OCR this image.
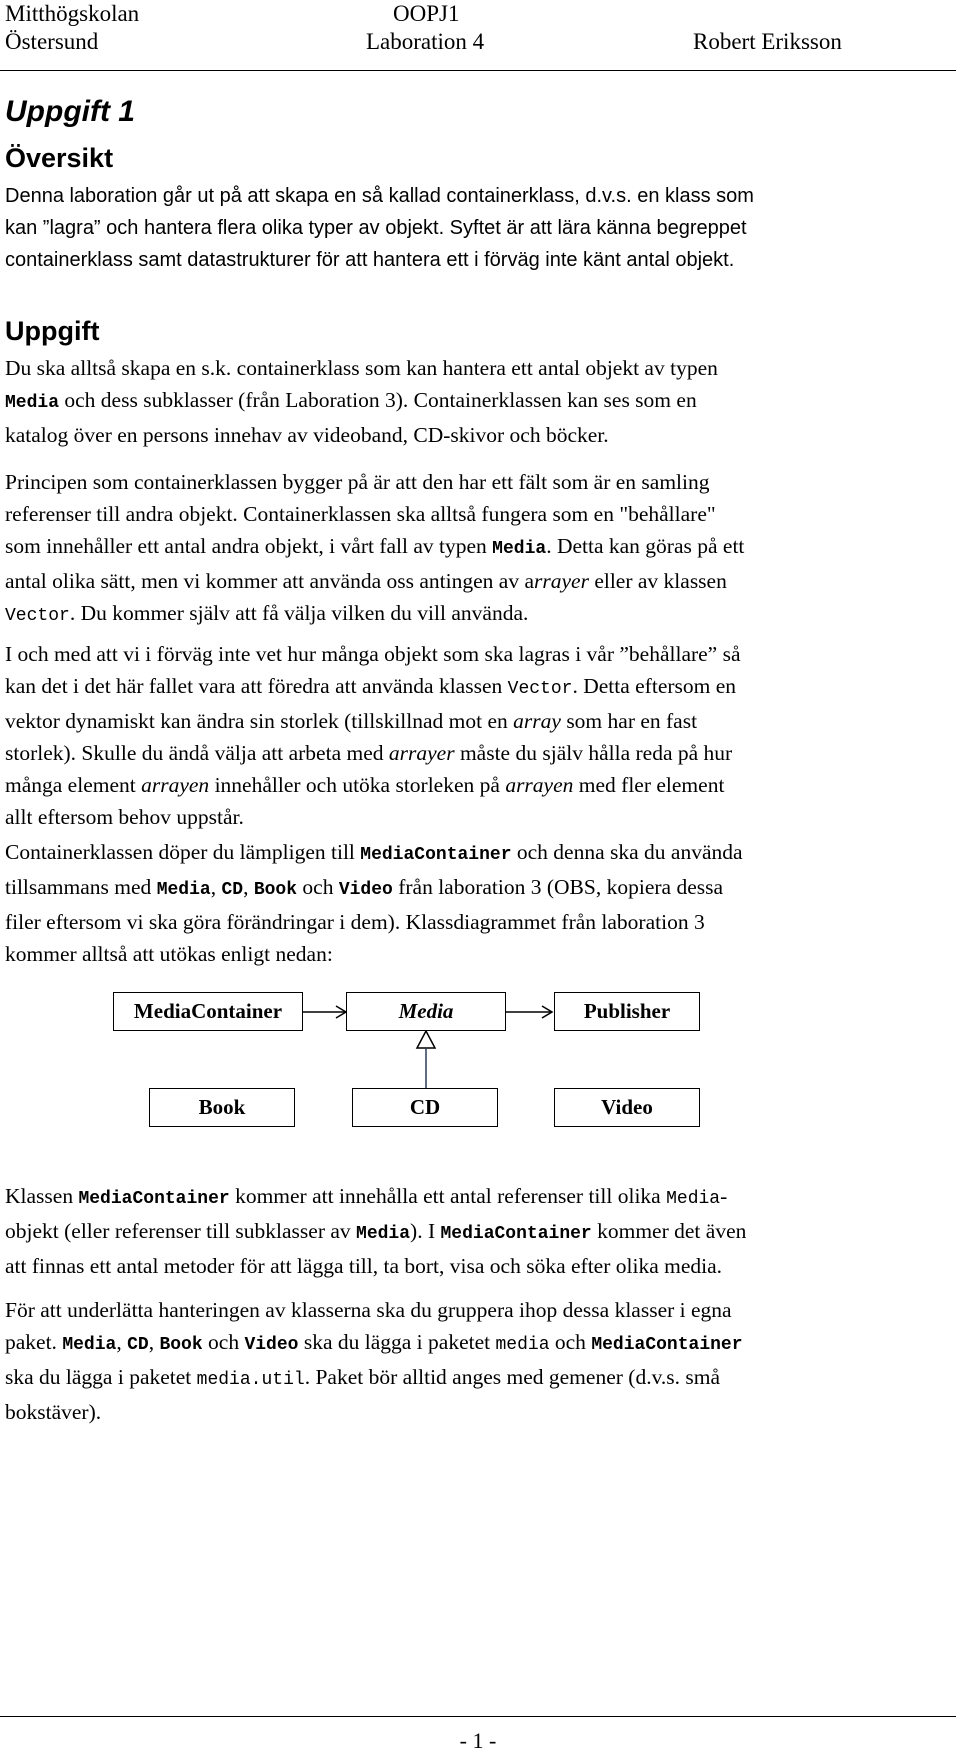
Mitthögskolan
Östersund
OOPJ1
Laboration 4	Robert Eriksson
Uppgift 1
Översikt
Denna laboration går ut på att skapa en så kallad containerklass, d.v.s. en klass som
kan ”lagra” och hantera flera olika typer av objekt. Syftet är att lära känna begreppet
containerklass samt datastrukturer för att hantera ett i förväg inte känt antal objekt.
Uppgift
Du ska alltså skapa en s.k. containerklass som kan hantera ett antal objekt av typen
Media och dess subklasser (från Laboration 3). Containerklassen kan ses som en
katalog över en persons innehav av videoband, CD-skivor och böcker.
Principen som containerklassen bygger på är att den har ett fält som är en samling
referenser till andra objekt. Containerklassen ska alltså fungera som en "behållare"
som innehåller ett antal andra objekt, i vårt fall av typen Media. Detta kan göras på ett
antal olika sätt, men vi kommer att använda oss antingen av arrayer eller av klassen
Vector. Du kommer själv att få välja vilken du vill använda.
I och med att vi i förväg inte vet hur många objekt som ska lagras i vår ”behållare” så
kan det i det här fallet vara att föredra att använda klassen Vector. Detta eftersom en
vektor dynamiskt kan ändra sin storlek (tillskillnad mot en array som har en fast
storlek). Skulle du ändå välja att arbeta med arrayer måste du själv hålla reda på hur
många element arrayen innehåller och utöka storleken på arrayen med fler element
allt eftersom behov uppstår.
Containerklassen döper du lämpligen till MediaContainer och denna ska du använda
tillsammans med Media, CD, Book och Video från laboration 3 (OBS, kopiera dessa
filer eftersom vi ska göra förändringar i dem). Klassdiagrammet från laboration 3
kommer alltså att utökas enligt nedan:
MediaContainer	Media	Publisher
Book	CD	Video
Klassen MediaContainer kommer att innehålla ett antal referenser till olika Media-
objekt (eller referenser till subklasser av Media). I MediaContainer kommer det även
att finnas ett antal metoder för att lägga till, ta bort, visa och söka efter olika media.
För att underlätta hanteringen av klasserna ska du gruppera ihop dessa klasser i egna
paket. Media, CD, Book och Video ska du lägga i paketet media och MediaContainer
ska du lägga i paketet media.util. Paket bör alltid anges med gemener (d.v.s. små
bokstäver).
- 1 -
